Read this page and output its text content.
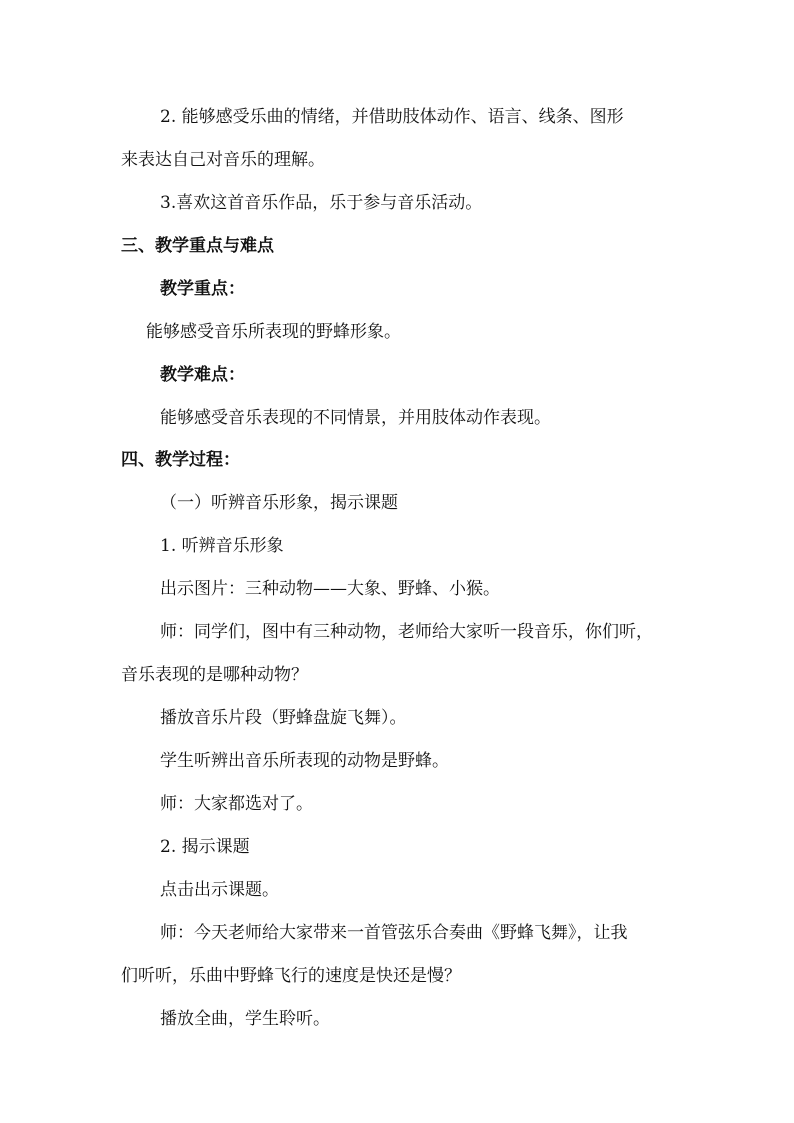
2. 能够感受乐曲的情绪，并借助肢体动作、语言、线条、图形
来表达自己对音乐的理解。
3.喜欢这首音乐作品，乐于参与音乐活动。
三、教学重点与难点
教学重点：
能够感受音乐所表现的野蜂形象。
教学难点：
能够感受音乐表现的不同情景，并用肢体动作表现。
四、教学过程：
（一）听辨音乐形象，揭示课题
1. 听辨音乐形象
出示图片：三种动物——大象、野蜂、小猴。
师：同学们，图中有三种动物，老师给大家听一段音乐，你们听，
音乐表现的是哪种动物？
播放音乐片段（野蜂盘旋飞舞）。
学生听辨出音乐所表现的动物是野蜂。
师：大家都选对了。
2. 揭示课题
点击出示课题。
师：今天老师给大家带来一首管弦乐合奏曲《野蜂飞舞》，让我
们听听，乐曲中野蜂飞行的速度是快还是慢？
播放全曲，学生聆听。
